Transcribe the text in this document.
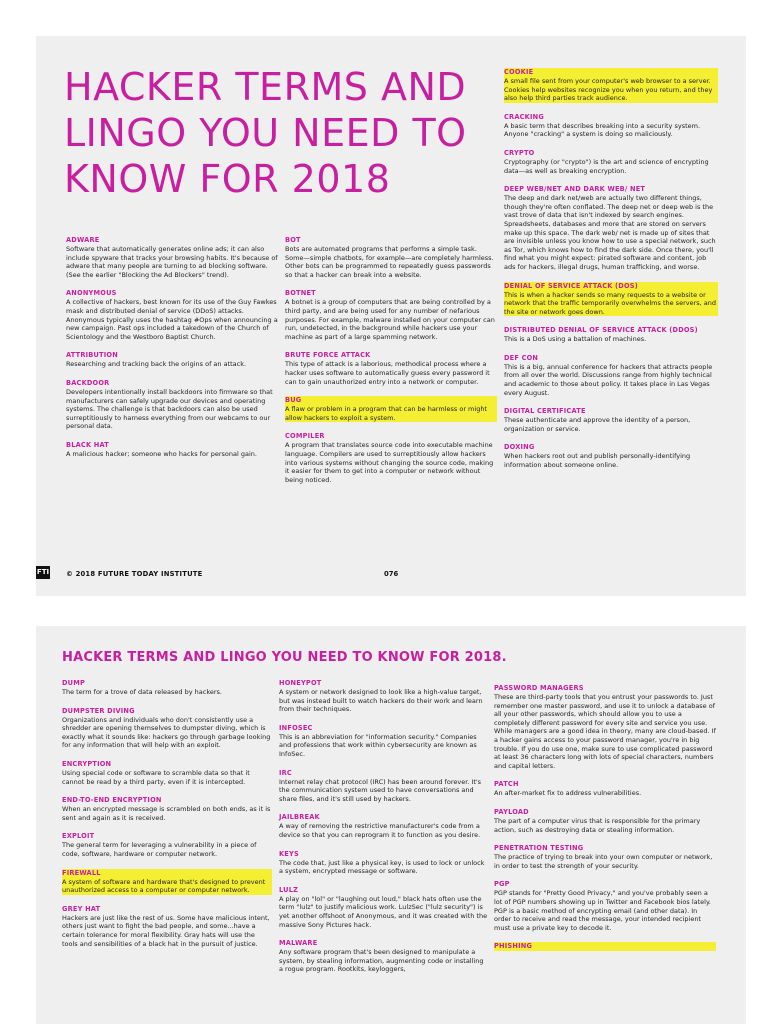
HACKER TERMS AND LINGO YOU NEED TO KNOW FOR 2018
ADWARE
Software that automatically generates online ads; it can also include spyware that tracks your browsing habits. It's because of adware that many people are turning to ad blocking software. (See the earlier "Blocking the Ad Blockers" trend).
ANONYMOUS
A collective of hackers, best known for its use of the Guy Fawkes mask and distributed denial of service (DDoS) attacks. Anonymous typically uses the hashtag #Ops when announcing a new campaign. Past ops included a takedown of the Church of Scientology and the Westboro Baptist Church.
ATTRIBUTION
Researching and tracking back the origins of an attack.
BACKDOOR
Developers intentionally install backdoors into firmware so that manufacturers can safely upgrade our devices and operating systems. The challenge is that backdoors can also be used surreptitiously to harness everything from our webcams to our personal data.
BLACK HAT
A malicious hacker; someone who hacks for personal gain.
BOT
Bots are automated programs that performs a simple task. Some—simple chatbots, for example—are completely harmless. Other bots can be programmed to repeatedly guess passwords so that a hacker can break into a website.
BOTNET
A botnet is a group of computers that are being controlled by a third party, and are being used for any number of nefarious purposes. For example, malware installed on your computer can run, undetected, in the background while hackers use your machine as part of a large spamming network.
BRUTE FORCE ATTACK
This type of attack is a laborious, methodical process where a hacker uses software to automatically guess every password it can to gain unauthorized entry into a network or computer.
BUG
A flaw or problem in a program that can be harmless or might allow hackers to exploit a system.
COMPILER
A program that translates source code into executable machine language. Compilers are used to surreptitiously allow hackers into various systems without changing the source code, making it easier for them to get into a computer or network without being noticed.
COOKIE
A small file sent from your computer's web browser to a server. Cookies help websites recognize you when you return, and they also help third parties track audience.
CRACKING
A basic term that describes breaking into a security system. Anyone "cracking" a system is doing so maliciously.
CRYPTO
Cryptography (or "crypto") is the art and science of encrypting data—as well as breaking encryption.
DEEP WEB/NET AND DARK WEB/ NET
The deep and dark net/web are actually two different things, though they're often conflated. The deep net or deep web is the vast trove of data that isn't indexed by search engines. Spreadsheets, databases and more that are stored on servers make up this space. The dark web/ net is made up of sites that are invisible unless you know how to use a special network, such as Tor, which knows how to find the dark side. Once there, you'll find what you might expect: pirated software and content, job ads for hackers, illegal drugs, human trafficking, and worse.
DENIAL OF SERVICE ATTACK (DOS)
This is when a hacker sends so many requests to a website or network that the traffic temporarily overwhelms the servers, and the site or network goes down.
DISTRIBUTED DENIAL OF SERVICE ATTACK (DDOS)
This is a DoS using a battalion of machines.
DEF CON
This is a big, annual conference for hackers that attracts people from all over the world. Discussions range from highly technical and academic to those about policy. It takes place in Las Vegas every August.
DIGITAL CERTIFICATE
These authenticate and approve the identity of a person, organization or service.
DOXING
When hackers root out and publish personally-identifying information about someone online.
FTI © 2018 FUTURE TODAY INSTITUTE	076
HACKER TERMS AND LINGO YOU NEED TO KNOW FOR 2018.
DUMP
The term for a trove of data released by hackers.
DUMPSTER DIVING
Organizations and individuals who don't consistently use a shredder are opening themselves to dumpster diving, which is exactly what it sounds like: hackers go through garbage looking for any information that will help with an exploit.
ENCRYPTION
Using special code or software to scramble data so that it cannot be read by a third party, even if it is intercepted.
END-TO-END ENCRYPTION
When an encrypted message is scrambled on both ends, as it is sent and again as it is received.
EXPLOIT
The general term for leveraging a vulnerability in a piece of code, software, hardware or computer network.
FIREWALL
A system of software and hardware that's designed to prevent unauthorized access to a computer or computer network.
GREY HAT
Hackers are just like the rest of us. Some have malicious intent, others just want to fight the bad people, and some...have a certain tolerance for moral flexibility. Gray hats will use the tools and sensibilities of a black hat in the pursuit of justice.
HONEYPOT
A system or network designed to look like a high-value target, but was instead built to watch hackers do their work and learn from their techniques.
INFOSEC
This is an abbreviation for "information security." Companies and professions that work within cybersecurity are known as InfoSec.
IRC
Internet relay chat protocol (IRC) has been around forever. It's the communication system used to have conversations and share files, and it's still used by hackers.
JAILBREAK
A way of removing the restrictive manufacturer's code from a device so that you can reprogram it to function as you desire.
KEYS
The code that, just like a physical key, is used to lock or unlock a system, encrypted message or software.
LULZ
A play on "lol" or "laughing out loud," black hats often use the term "lulz" to justify malicious work. LulzSec ("lulz security") is yet another offshoot of Anonymous, and it was created with the massive Sony Pictures hack.
MALWARE
Any software program that's been designed to manipulate a system, by stealing information, augmenting code or installing a rogue program. Rootkits, keyloggers,
PASSWORD MANAGERS
These are third-party tools that you entrust your passwords to. Just remember one master password, and use it to unlock a database of all your other passwords, which should allow you to use a completely different password for every site and service you use. While managers are a good idea in theory, many are cloud-based. If a hacker gains access to your password manager, you're in big trouble. If you do use one, make sure to use complicated password at least 36 characters long with lots of special characters, numbers and capital letters.
PATCH
An after-market fix to address vulnerabilities.
PAYLOAD
The part of a computer virus that is responsible for the primary action, such as destroying data or stealing information.
PENETRATION TESTING
The practice of trying to break into your own computer or network, in order to test the strength of your security.
PGP
PGP stands for "Pretty Good Privacy," and you've probably seen a lot of PGP numbers showing up in Twitter and Facebook bios lately. PGP is a basic method of encrypting email (and other data). In order to receive and read the message, your intended recipient must use a private key to decode it.
PHISHING
